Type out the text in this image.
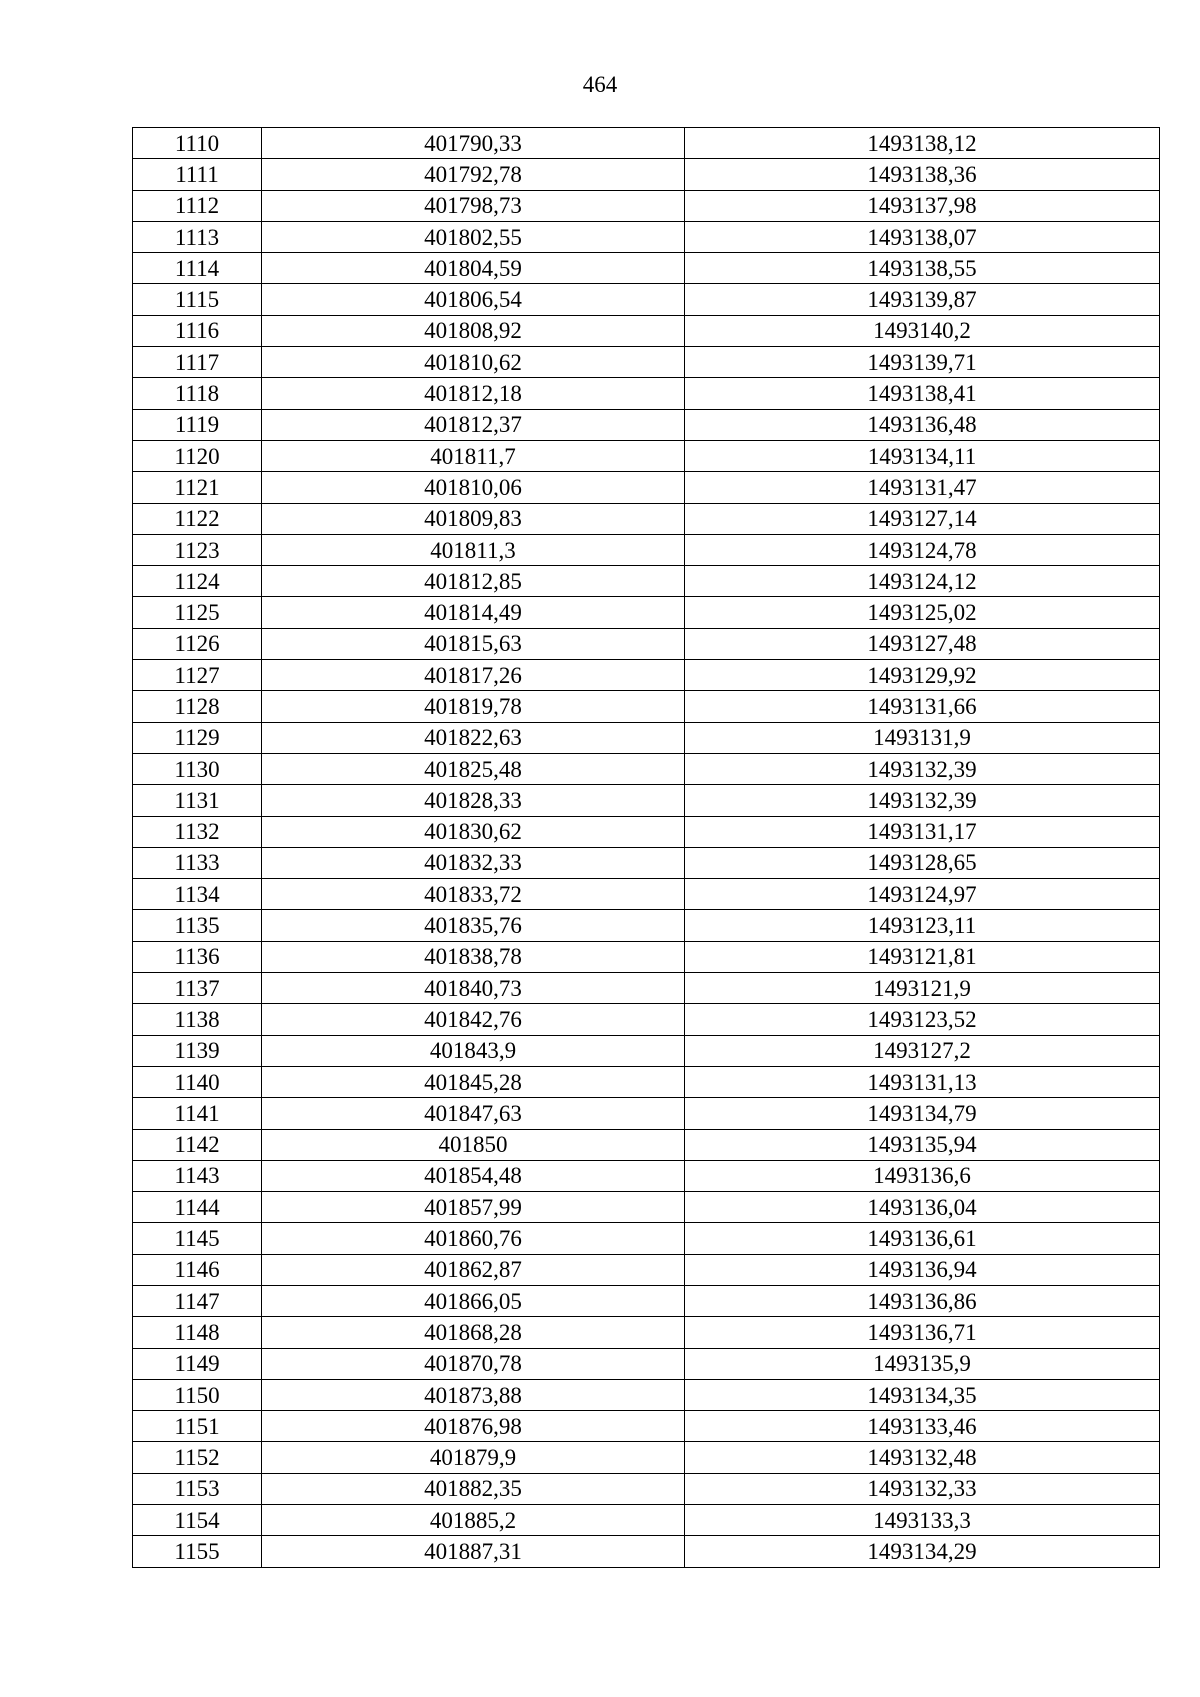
464
1110	401790,33	1493138,12
1111	401792,78	1493138,36
1112	401798,73	1493137,98
1113	401802,55	1493138,07
1114	401804,59	1493138,55
1115	401806,54	1493139,87
1116	401808,92	1493140,2
1117	401810,62	1493139,71
1118	401812,18	1493138,41
1119	401812,37	1493136,48
1120	401811,7	1493134,11
1121	401810,06	1493131,47
1122	401809,83	1493127,14
1123	401811,3	1493124,78
1124	401812,85	1493124,12
1125	401814,49	1493125,02
1126	401815,63	1493127,48
1127	401817,26	1493129,92
1128	401819,78	1493131,66
1129	401822,63	1493131,9
1130	401825,48	1493132,39
1131	401828,33	1493132,39
1132	401830,62	1493131,17
1133	401832,33	1493128,65
1134	401833,72	1493124,97
1135	401835,76	1493123,11
1136	401838,78	1493121,81
1137	401840,73	1493121,9
1138	401842,76	1493123,52
1139	401843,9	1493127,2
1140	401845,28	1493131,13
1141	401847,63	1493134,79
1142	401850	1493135,94
1143	401854,48	1493136,6
1144	401857,99	1493136,04
1145	401860,76	1493136,61
1146	401862,87	1493136,94
1147	401866,05	1493136,86
1148	401868,28	1493136,71
1149	401870,78	1493135,9
1150	401873,88	1493134,35
1151	401876,98	1493133,46
1152	401879,9	1493132,48
1153	401882,35	1493132,33
1154	401885,2	1493133,3
1155	401887,31	1493134,29
